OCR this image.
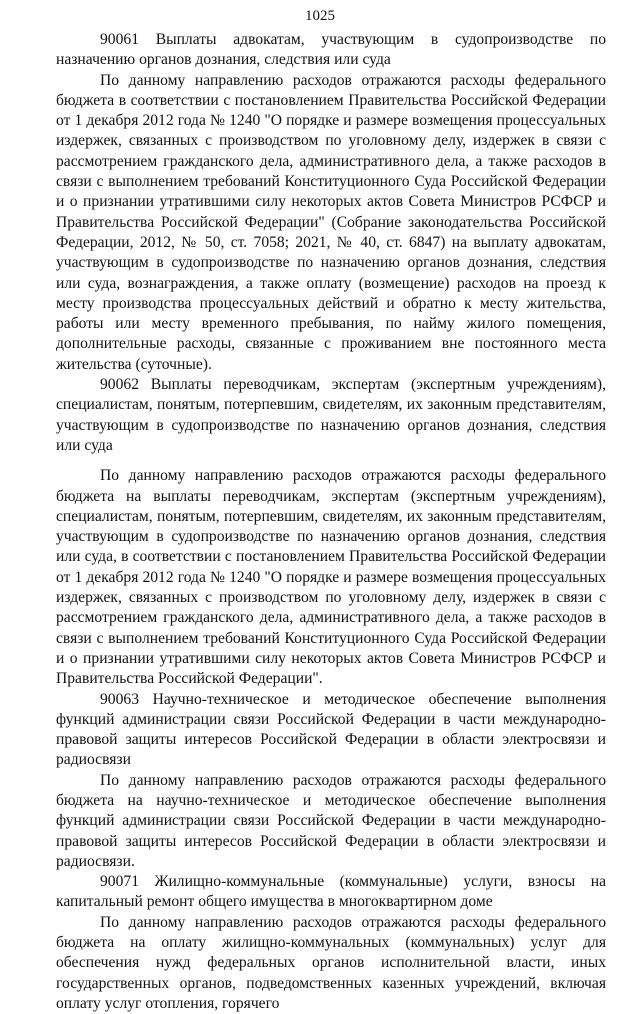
1025

90061 Выплаты адвокатам, участвующим в судопроизводстве по назначению органов дознания, следствия или суда

По данному направлению расходов отражаются расходы федерального бюджета в соответствии с постановлением Правительства Российской Федерации от 1 декабря 2012 года № 1240 "О порядке и размере возмещения процессуальных издержек, связанных с производством по уголовному делу, издержек в связи с рассмотрением гражданского дела, административного дела, а также расходов в связи с выполнением требований Конституционного Суда Российской Федерации и о признании утратившими силу некоторых актов Совета Министров РСФСР и Правительства Российской Федерации" (Собрание законодательства Российской Федерации, 2012, № 50, ст. 7058; 2021, № 40, ст. 6847) на выплату адвокатам, участвующим в судопроизводстве по назначению органов дознания, следствия или суда, вознаграждения, а также оплату (возмещение) расходов на проезд к месту производства процессуальных действий и обратно к месту жительства, работы или месту временного пребывания, по найму жилого помещения, дополнительные расходы, связанные с проживанием вне постоянного места жительства (суточные).

90062 Выплаты переводчикам, экспертам (экспертным учреждениям), специалистам, понятым, потерпевшим, свидетелям, их законным представителям, участвующим в судопроизводстве по назначению органов дознания, следствия или суда

По данному направлению расходов отражаются расходы федерального бюджета на выплаты переводчикам, экспертам (экспертным учреждениям), специалистам, понятым, потерпевшим, свидетелям, их законным представителям, участвующим в судопроизводстве по назначению органов дознания, следствия или суда, в соответствии с постановлением Правительства Российской Федерации от 1 декабря 2012 года № 1240 "О порядке и размере возмещения процессуальных издержек, связанных с производством по уголовному делу, издержек в связи с рассмотрением гражданского дела, административного дела, а также расходов в связи с выполнением требований Конституционного Суда Российской Федерации и о признании утратившими силу некоторых актов Совета Министров РСФСР и Правительства Российской Федерации".

90063 Научно-техническое и методическое обеспечение выполнения функций администрации связи Российской Федерации в части международно-правовой защиты интересов Российской Федерации в области электросвязи и радиосвязи

По данному направлению расходов отражаются расходы федерального бюджета на научно-техническое и методическое обеспечение выполнения функций администрации связи Российской Федерации в части международно-правовой защиты интересов Российской Федерации в области электросвязи и радиосвязи.

90071 Жилищно-коммунальные (коммунальные) услуги, взносы на капитальный ремонт общего имущества в многоквартирном доме

По данному направлению расходов отражаются расходы федерального бюджета на оплату жилищно-коммунальных (коммунальных) услуг для обеспечения нужд федеральных органов исполнительной власти, иных государственных органов, подведомственных казенных учреждений, включая оплату услуг отопления, горячего
